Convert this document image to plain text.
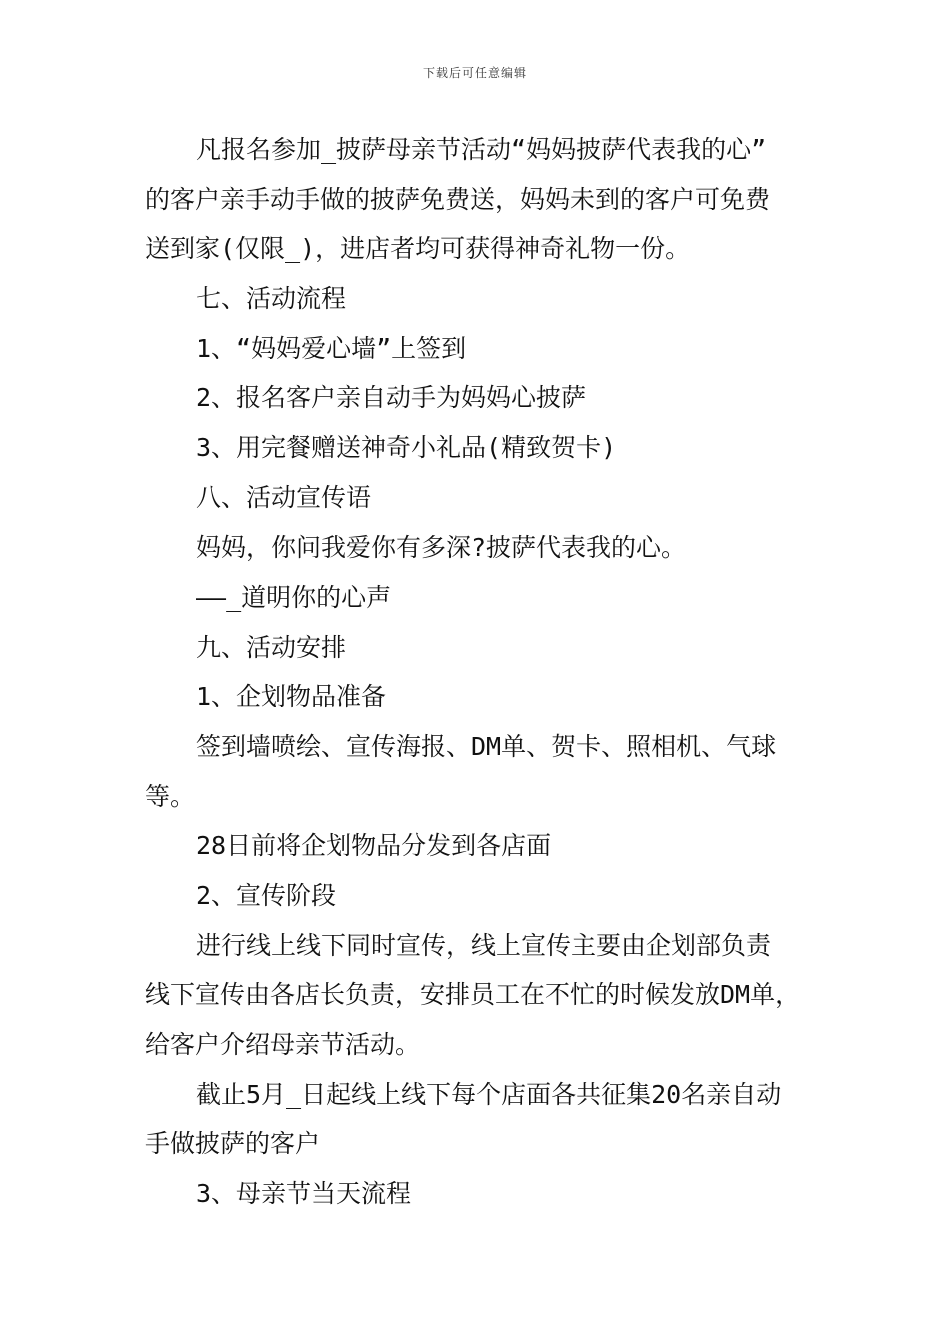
下载后可任意编辑
凡报名参加_披萨母亲节活动“妈妈披萨代表我的心”
的客户亲手动手做的披萨免费送，妈妈未到的客户可免费
送到家(仅限_)，进店者均可获得神奇礼物一份。
七、活动流程
1、“妈妈爱心墙”上签到
2、报名客户亲自动手为妈妈心披萨
3、用完餐赠送神奇小礼品(精致贺卡)
八、活动宣传语
妈妈，你问我爱你有多深?披萨代表我的心。
——_道明你的心声
九、活动安排
1、企划物品准备
签到墙喷绘、宣传海报、DM单、贺卡、照相机、气球
等。
28日前将企划物品分发到各店面
2、宣传阶段
进行线上线下同时宣传，线上宣传主要由企划部负责
线下宣传由各店长负责，安排员工在不忙的时候发放DM单，
给客户介绍母亲节活动。
截止5月_日起线上线下每个店面各共征集20名亲自动
手做披萨的客户
3、母亲节当天流程
